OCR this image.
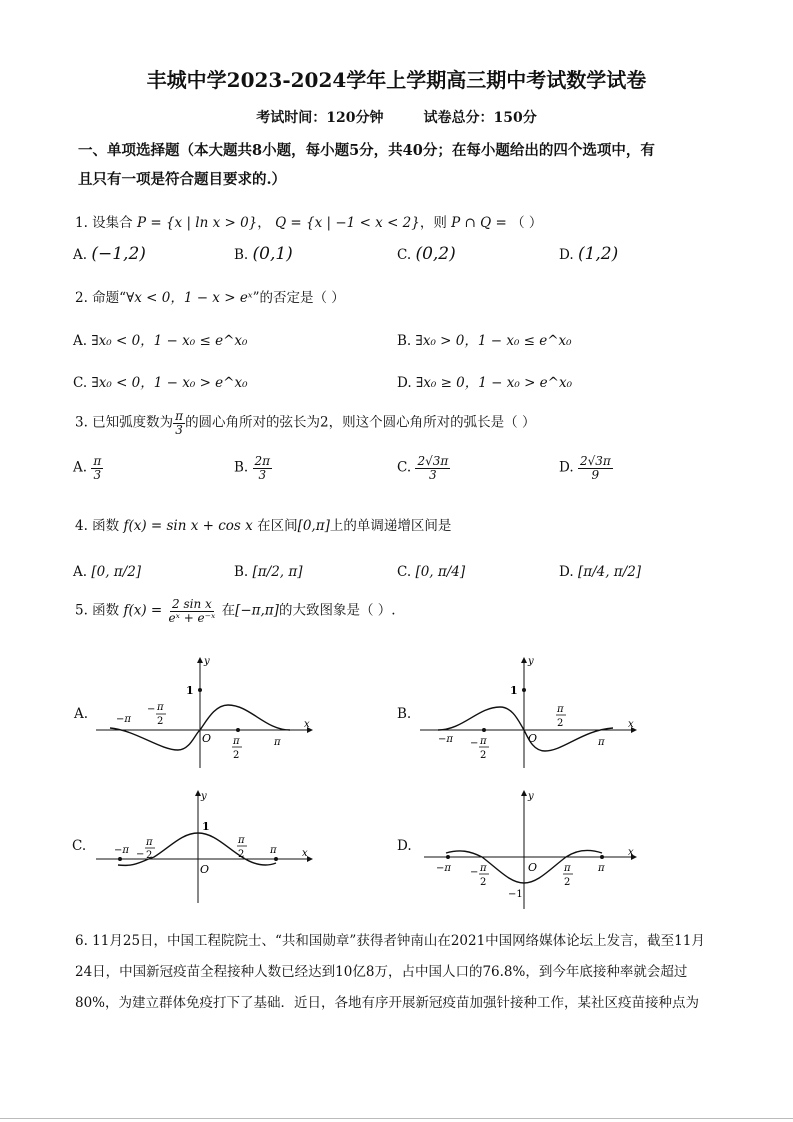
丰城中学2023-2024学年上学期高三期中考试数学试卷
考试时间：120分钟	试卷总分：150分
一、单项选择题（本大题共8小题，每小题5分，共40分；在每小题给出的四个选项中，有
且只有一项是符合题目要求的.）
1. 设集合 P = {x | ln x > 0}， Q = {x | −1 < x < 2}，则 P ∩ Q = （ ）
A. (−1,2)	B. (0,1)	C. (0,2)	D. (1,2)
2. 命题“∀x < 0，1 − x > eˣ”的否定是（ ）
A. ∃x₀ < 0，1 − x₀ ≤ e^x₀	B. ∃x₀ > 0，1 − x₀ ≤ e^x₀
C. ∃x₀ < 0，1 − x₀ > e^x₀	D. ∃x₀ ≥ 0，1 − x₀ > e^x₀
3. 已知弧度数为 $\frac{\pi}{3}$ 的圆心角所对的弦长为2，则这个圆心角所对的弧长是（ ）
A. $\frac{\pi}{3}$	B. $\frac{2\pi}{3}$	C. $\frac{2√3\pi}{3}$	D. $\frac{2√3\pi}{9}$
4. 函数 f(x) = sin x + cos x 在区间[0,π]上的单调递增区间是
A. [0, π/2]	B. [π/2, π]	C. [0, π/4]	D. [π/4, π/2]
5. 函数 $f(x) = \frac{\text{2 sin x}}{\text{eˣ + e⁻ˣ}}$ 在[−π,π]的大致图象是（ ）.
A.	B.
C.	D.
1
y
x
O
−π
− π
2
π
2
π
1
y
x
O
−π − π
2
π
2
π
1
y
x
O
−π −
π
2
π
2	π
y
x
O
−π − π
2
π
2
π
−1
6. 11月25日，中国工程院院士、“共和国勋章”获得者钟南山在2021中国网络媒体论坛上发言，截至11月
24日，中国新冠疫苗全程接种人数已经达到10亿8万，占中国人口的76.8%，到今年底接种率就会超过
80%，为建立群体免疫打下了基础．近日，各地有序开展新冠疫苗加强针接种工作，某社区疫苗接种点为
